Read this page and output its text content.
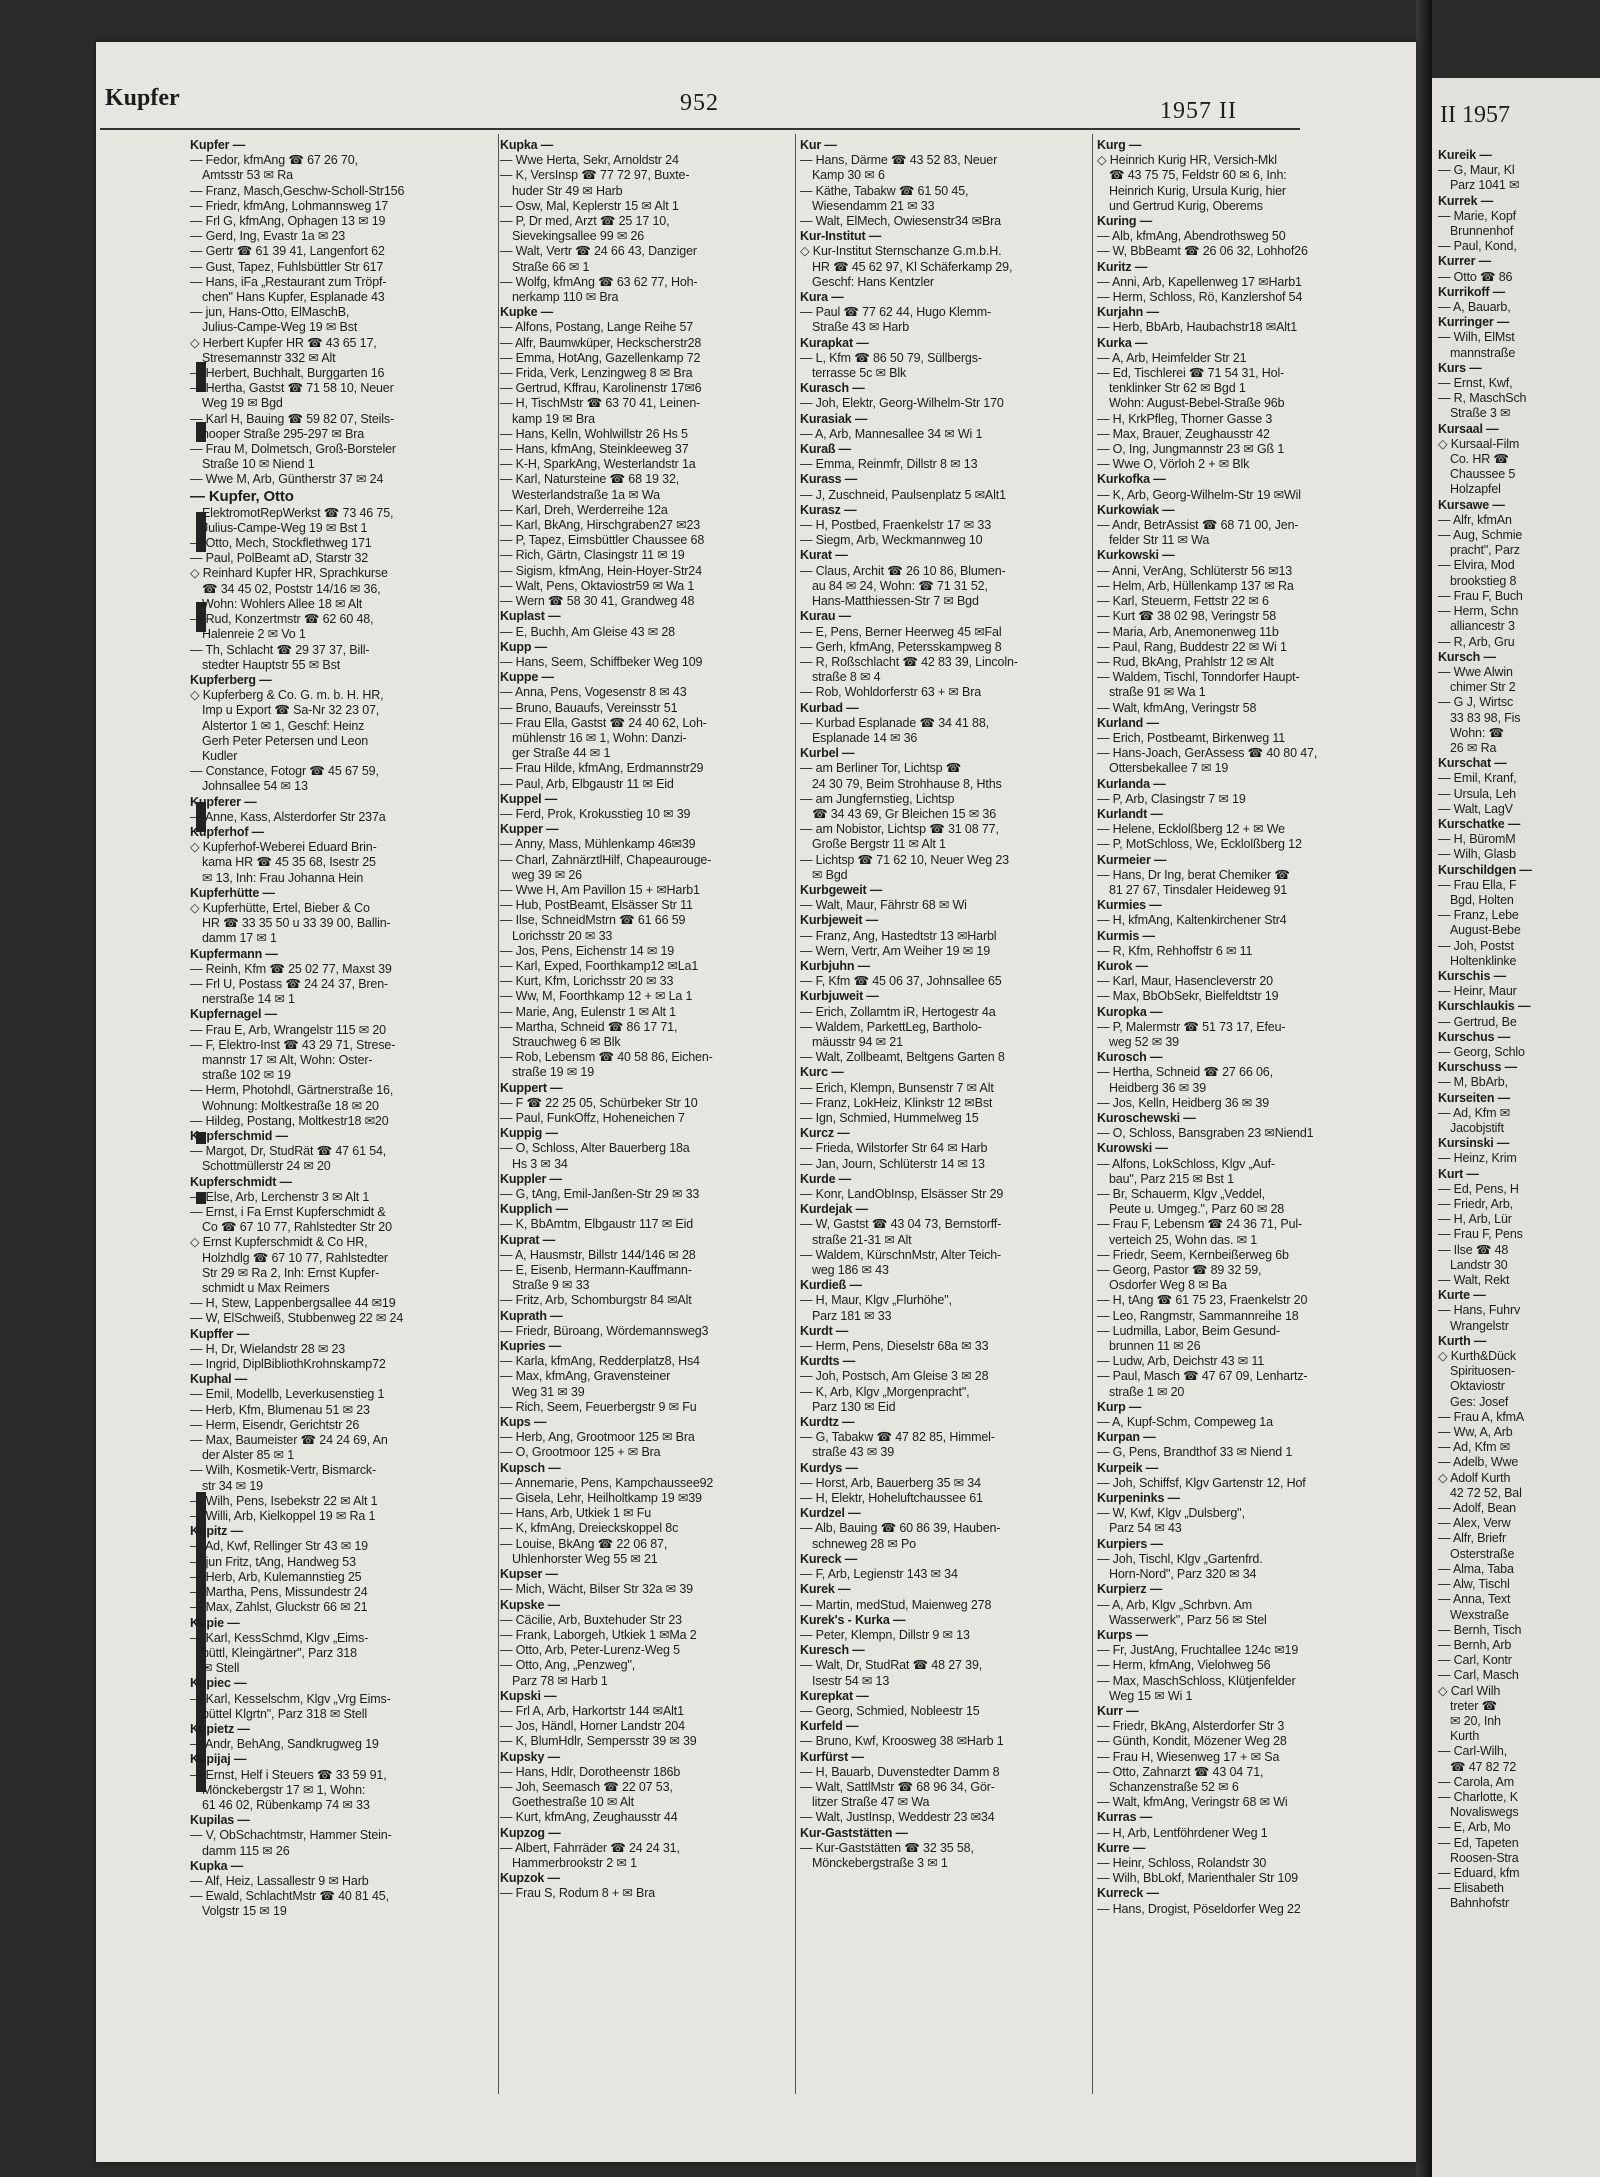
Kupfer	952	1957 II
Kupfer —
— Fedor, kfmAng ☎ 67 26 70,
Amtsstr 53 ✉ Ra
— Franz, Masch,Geschw-Scholl-Str156
— Friedr, kfmAng, Lohmannsweg 17
— Frl G, kfmAng, Ophagen 13 ✉ 19
— Gerd, Ing, Evastr 1a ✉ 23
— Gertr ☎ 61 39 41, Langenfort 62
— Gust, Tapez, Fuhlsbüttler Str 617
— Hans, iFa „Restaurant zum Tröpf-
chen" Hans Kupfer, Esplanade 43
— jun, Hans-Otto, ElMaschB,
Julius-Campe-Weg 19 ✉ Bst
◇ Herbert Kupfer HR ☎ 43 65 17,
Stresemannstr 332 ✉ Alt
— Herbert, Buchhalt, Burggarten 16
— Hertha, Gastst ☎ 71 58 10, Neuer
Weg 19 ✉ Bgd
— Karl H, Bauing ☎ 59 82 07, Steils-
hooper Straße 295-297 ✉ Bra
— Frau M, Dolmetsch, Groß-Borsteler
Straße 10 ✉ Niend 1
— Wwe M, Arb, Güntherstr 37 ✉ 24
— Kupfer, Otto
ElektromotRepWerkst ☎ 73 46 75,
Julius-Campe-Weg 19 ✉ Bst 1
— Otto, Mech, Stockflethweg 171
— Paul, PolBeamt aD, Starstr 32
◇ Reinhard Kupfer HR, Sprachkurse
☎ 34 45 02, Poststr 14/16 ✉ 36,
Wohn: Wohlers Allee 18 ✉ Alt
— Rud, Konzertmstr ☎ 62 60 48,
Halenreie 2 ✉ Vo 1
— Th, Schlacht ☎ 29 37 37, Bill-
stedter Hauptstr 55 ✉ Bst
Kupferberg —
◇ Kupferberg & Co. G. m. b. H. HR,
Imp u Export ☎ Sa-Nr 32 23 07,
Alstertor 1 ✉ 1, Geschf: Heinz
Gerh Peter Petersen und Leon
Kudler
— Constance, Fotogr ☎ 45 67 59,
Johnsallee 54 ✉ 13
Kupferer —
— Anne, Kass, Alsterdorfer Str 237a
Kupferhof —
◇ Kupferhof-Weberei Eduard Brin-
kama HR ☎ 45 35 68, Isestr 25
✉ 13, Inh: Frau Johanna Hein
Kupferhütte —
◇ Kupferhütte, Ertel, Bieber & Co
HR ☎ 33 35 50 u 33 39 00, Ballin-
damm 17 ✉ 1
Kupfermann —
— Reinh, Kfm ☎ 25 02 77, Maxst 39
— Frl U, Postass ☎ 24 24 37, Bren-
nerstraße 14 ✉ 1
Kupfernagel —
— Frau E, Arb, Wrangelstr 115 ✉ 20
— F, Elektro-Inst ☎ 43 29 71, Strese-
mannstr 17 ✉ Alt, Wohn: Oster-
straße 102 ✉ 19
— Herm, Photohdl, Gärtnerstraße 16,
Wohnung: Moltkestraße 18 ✉ 20
— Hildeg, Postang, Moltkestr18 ✉20
Kupferschmid —
— Margot, Dr, StudRät ☎ 47 61 54,
Schottmüllerstr 24 ✉ 20
Kupferschmidt —
— Else, Arb, Lerchenstr 3 ✉ Alt 1
— Ernst, i Fa Ernst Kupferschmidt &
Co ☎ 67 10 77, Rahlstedter Str 20
◇ Ernst Kupferschmidt & Co HR,
Holzhdlg ☎ 67 10 77, Rahlstedter
Str 29 ✉ Ra 2, Inh: Ernst Kupfer-
schmidt u Max Reimers
— H, Stew, Lappenbergsallee 44 ✉19
— W, ElSchweiß, Stubbenweg 22 ✉ 24
Kupffer —
— H, Dr, Wielandstr 28 ✉ 23
— Ingrid, DiplBibliothKrohnskamp72
Kuphal —
— Emil, Modellb, Leverkusenstieg 1
— Herb, Kfm, Blumenau 51 ✉ 23
— Herm, Eisendr, Gerichtstr 26
— Max, Baumeister ☎ 24 24 69, An
der Alster 85 ✉ 1
— Wilh, Kosmetik-Vertr, Bismarck-
str 34 ✉ 19
— Wilh, Pens, Isebekstr 22 ✉ Alt 1
— Willi, Arb, Kielkoppel 19 ✉ Ra 1
Kupitz —
— Ad, Kwf, Rellinger Str 43 ✉ 19
— jun Fritz, tAng, Handweg 53
— Herb, Arb, Kulemannstieg 25
— Martha, Pens, Missundestr 24
— Max, Zahlst, Gluckstr 66 ✉ 21
Kupie —
— Karl, KessSchmd, Klgv „Eims-
büttl, Kleingärtner", Parz 318
✉ Stell
Kupiec —
— Karl, Kesselschm, Klgv „Vrg Eims-
büttel Klgrtn", Parz 318 ✉ Stell
Kupietz —
— Andr, BehAng, Sandkrugweg 19
Kupijaj —
— Ernst, Helf i Steuers ☎ 33 59 91,
Mönckebergstr 17 ✉ 1, Wohn:
61 46 02, Rübenkamp 74 ✉ 33
Kupilas —
— V, ObSchachtmstr, Hammer Stein-
damm 115 ✉ 26
Kupka —
— Alf, Heiz, Lassallestr 9 ✉ Harb
— Ewald, SchlachtMstr ☎ 40 81 45,
Volgstr 15 ✉ 19
Kupka —
— Wwe Herta, Sekr, Arnoldstr 24
— K, VersInsp ☎ 77 72 97, Buxte-
huder Str 49 ✉ Harb
— Osw, Mal, Keplerstr 15 ✉ Alt 1
— P, Dr med, Arzt ☎ 25 17 10,
Sievekingsallee 99 ✉ 26
— Walt, Vertr ☎ 24 66 43, Danziger
Straße 66 ✉ 1
— Wolfg, kfmAng ☎ 63 62 77, Hoh-
nerkamp 110 ✉ Bra
Kupke —
— Alfons, Postang, Lange Reihe 57
— Alfr, Baumwküper, Heckscherstr28
— Emma, HotAng, Gazellenkamp 72
— Frida, Verk, Lenzingweg 8 ✉ Bra
— Gertrud, Kffrau, Karolinenstr 17✉6
— H, TischMstr ☎ 63 70 41, Leinen-
kamp 19 ✉ Bra
— Hans, Kelln, Wohlwillstr 26 Hs 5
— Hans, kfmAng, Steinkleeweg 37
— K-H, SparkAng, Westerlandstr 1a
— Karl, Natursteine ☎ 68 19 32,
Westerlandstraße 1a ✉ Wa
— Karl, Dreh, Werderreihe 12a
— Karl, BkAng, Hirschgraben27 ✉23
— P, Tapez, Eimsbüttler Chaussee 68
— Rich, Gärtn, Clasingstr 11 ✉ 19
— Sigism, kfmAng, Hein-Hoyer-Str24
— Walt, Pens, Oktaviostr59 ✉ Wa 1
— Wern ☎ 58 30 41, Grandweg 48
Kuplast —
— E, Buchh, Am Gleise 43 ✉ 28
Kupp —
— Hans, Seem, Schiffbeker Weg 109
Kuppe —
— Anna, Pens, Vogesenstr 8 ✉ 43
— Bruno, Bauaufs, Vereinsstr 51
— Frau Ella, Gastst ☎ 24 40 62, Loh-
mühlenstr 16 ✉ 1, Wohn: Danzi-
ger Straße 44 ✉ 1
— Frau Hilde, kfmAng, Erdmannstr29
— Paul, Arb, Elbgaustr 11 ✉ Eid
Kuppel —
— Ferd, Prok, Krokusstieg 10 ✉ 39
Kupper —
— Anny, Mass, Mühlenkamp 46✉39
— Charl, ZahnärztlHilf, Chapeaurouge-
weg 39 ✉ 26
— Wwe H, Am Pavillon 15 + ✉Harb1
— Hub, PostBeamt, Elsässer Str 11
— Ilse, SchneidMstrn ☎ 61 66 59
Lorichsstr 20 ✉ 33
— Jos, Pens, Eichenstr 14 ✉ 19
— Karl, Exped, Foorthkamp12 ✉La1
— Kurt, Kfm, Lorichsstr 20 ✉ 33
— Ww, M, Foorthkamp 12 + ✉ La 1
— Marie, Ang, Eulenstr 1 ✉ Alt 1
— Martha, Schneid ☎ 86 17 71,
Strauchweg 6 ✉ Blk
— Rob, Lebensm ☎ 40 58 86, Eichen-
straße 19 ✉ 19
Kuppert —
— F ☎ 22 25 05, Schürbeker Str 10
— Paul, FunkOffz, Hoheneichen 7
Kuppig —
— O, Schloss, Alter Bauerberg 18a
Hs 3 ✉ 34
Kuppler —
— G, tAng, Emil-Janßen-Str 29 ✉ 33
Kupplich —
— K, BbAmtm, Elbgaustr 117 ✉ Eid
Kuprat —
— A, Hausmstr, Billstr 144/146 ✉ 28
— E, Eisenb, Hermann-Kauffmann-
Straße 9 ✉ 33
— Fritz, Arb, Schomburgstr 84 ✉Alt
Kuprath —
— Friedr, Büroang, Wördemannsweg3
Kupries —
— Karla, kfmAng, Redderplatz8, Hs4
— Max, kfmAng, Gravensteiner
Weg 31 ✉ 39
— Rich, Seem, Feuerbergstr 9 ✉ Fu
Kups —
— Herb, Ang, Grootmoor 125 ✉ Bra
— O, Grootmoor 125 + ✉ Bra
Kupsch —
— Annemarie, Pens, Kampchaussee92
— Gisela, Lehr, Heilholtkamp 19 ✉39
— Hans, Arb, Utkiek 1 ✉ Fu
— K, kfmAng, Dreieckskoppel 8c
— Louise, BkAng ☎ 22 06 87,
Uhlenhorster Weg 55 ✉ 21
Kupser —
— Mich, Wächt, Bilser Str 32a ✉ 39
Kupske —
— Cäcilie, Arb, Buxtehuder Str 23
— Frank, Laborgeh, Utkiek 1 ✉Ma 2
— Otto, Arb, Peter-Lurenz-Weg 5
— Otto, Ang, „Penzweg",
Parz 78 ✉ Harb 1
Kupski —
— Frl A, Arb, Harkortstr 144 ✉Alt1
— Jos, Händl, Horner Landstr 204
— K, BlumHdlr, Sempersstr 39 ✉ 39
Kupsky —
— Hans, Hdlr, Dorotheenstr 186b
— Joh, Seemasch ☎ 22 07 53,
Goethestraße 10 ✉ Alt
— Kurt, kfmAng, Zeughausstr 44
Kupzog —
— Albert, Fahrräder ☎ 24 24 31,
Hammerbrookstr 2 ✉ 1
Kupzok —
— Frau S, Rodum 8 + ✉ Bra
Kur —
— Hans, Därme ☎ 43 52 83, Neuer
Kamp 30 ✉ 6
— Käthe, Tabakw ☎ 61 50 45,
Wiesendamm 21 ✉ 33
— Walt, ElMech, Owiesenstr34 ✉Bra
Kur-Institut —
◇ Kur-Institut Sternschanze G.m.b.H.
HR ☎ 45 62 97, Kl Schäferkamp 29,
Geschf: Hans Kentzler
Kura —
— Paul ☎ 77 62 44, Hugo Klemm-
Straße 43 ✉ Harb
Kurapkat —
— L, Kfm ☎ 86 50 79, Süllbergs-
terrasse 5c ✉ Blk
Kurasch —
— Joh, Elektr, Georg-Wilhelm-Str 170
Kurasiak —
— A, Arb, Mannesallee 34 ✉ Wi 1
Kuraß —
— Emma, Reinmfr, Dillstr 8 ✉ 13
Kurass —
— J, Zuschneid, Paulsenplatz 5 ✉Alt1
Kurasz —
— H, Postbed, Fraenkelstr 17 ✉ 33
— Siegm, Arb, Weckmannweg 10
Kurat —
— Claus, Archit ☎ 26 10 86, Blumen-
au 84 ✉ 24, Wohn: ☎ 71 31 52,
Hans-Matthiessen-Str 7 ✉ Bgd
Kurau —
— E, Pens, Berner Heerweg 45 ✉Fal
— Gerh, kfmAng, Petersskampweg 8
— R, Roßschlacht ☎ 42 83 39, Lincoln-
straße 8 ✉ 4
— Rob, Wohldorferstr 63 + ✉ Bra
Kurbad —
— Kurbad Esplanade ☎ 34 41 88,
Esplanade 14 ✉ 36
Kurbel —
— am Berliner Tor, Lichtsp ☎
24 30 79, Beim Strohhause 8, Hths
— am Jungfernstieg, Lichtsp
☎ 34 43 69, Gr Bleichen 15 ✉ 36
— am Nobistor, Lichtsp ☎ 31 08 77,
Große Bergstr 11 ✉ Alt 1
— Lichtsp ☎ 71 62 10, Neuer Weg 23
✉ Bgd
Kurbgeweit —
— Walt, Maur, Fährstr 68 ✉ Wi
Kurbjeweit —
— Franz, Ang, Hastedtstr 13 ✉Harbl
— Wern, Vertr, Am Weiher 19 ✉ 19
Kurbjuhn —
— F, Kfm ☎ 45 06 37, Johnsallee 65
Kurbjuweit —
— Erich, Zollamtm iR, Hertogestr 4a
— Waldem, ParkettLeg, Bartholo-
mäusstr 94 ✉ 21
— Walt, Zollbeamt, Beltgens Garten 8
Kurc —
— Erich, Klempn, Bunsenstr 7 ✉ Alt
— Franz, LokHeiz, Klinkstr 12 ✉Bst
— Ign, Schmied, Hummelweg 15
Kurcz —
— Frieda, Wilstorfer Str 64 ✉ Harb
— Jan, Journ, Schlüterstr 14 ✉ 13
Kurde —
— Konr, LandObInsp, Elsässer Str 29
Kurdejak —
— W, Gastst ☎ 43 04 73, Bernstorff-
straße 21-31 ✉ Alt
— Waldem, KürschnMstr, Alter Teich-
weg 186 ✉ 43
Kurdieß —
— H, Maur, Klgv „Flurhöhe",
Parz 181 ✉ 33
Kurdt —
— Herm, Pens, Dieselstr 68a ✉ 33
Kurdts —
— Joh, Postsch, Am Gleise 3 ✉ 28
— K, Arb, Klgv „Morgenpracht",
Parz 130 ✉ Eid
Kurdtz —
— G, Tabakw ☎ 47 82 85, Himmel-
straße 43 ✉ 39
Kurdys —
— Horst, Arb, Bauerberg 35 ✉ 34
— H, Elektr, Hoheluftchaussee 61
Kurdzel —
— Alb, Bauing ☎ 60 86 39, Hauben-
schneweg 28 ✉ Po
Kureck —
— F, Arb, Legienstr 143 ✉ 34
Kurek —
— Martin, medStud, Maienweg 278
Kurek's - Kurka —
— Peter, Klempn, Dillstr 9 ✉ 13
Kuresch —
— Walt, Dr, StudRat ☎ 48 27 39,
Isestr 54 ✉ 13
Kurepkat —
— Georg, Schmied, Nobleestr 15
Kurfeld —
— Bruno, Kwf, Kroosweg 38 ✉Harb 1
Kurfürst —
— H, Bauarb, Duvenstedter Damm 8
— Walt, SattlMstr ☎ 68 96 34, Gör-
litzer Straße 47 ✉ Wa
— Walt, JustInsp, Weddestr 23 ✉34
Kur-Gaststätten —
— Kur-Gaststätten ☎ 32 35 58,
Mönckebergstraße 3 ✉ 1
Kurg —
◇ Heinrich Kurig HR, Versich-Mkl
☎ 43 75 75, Feldstr 60 ✉ 6, Inh:
Heinrich Kurig, Ursula Kurig, hier
und Gertrud Kurig, Oberems
Kuring —
— Alb, kfmAng, Abendrothsweg 50
— W, BbBeamt ☎ 26 06 32, Lohhof26
Kuritz —
— Anni, Arb, Kapellenweg 17 ✉Harb1
— Herm, Schloss, Rö, Kanzlershof 54
Kurjahn —
— Herb, BbArb, Haubachstr18 ✉Alt1
Kurka —
— A, Arb, Heimfelder Str 21
— Ed, Tischlerei ☎ 71 54 31, Hol-
tenklinker Str 62 ✉ Bgd 1
Wohn: August-Bebel-Straße 96b
— H, KrkPfleg, Thorner Gasse 3
— Max, Brauer, Zeughausstr 42
— O, Ing, Jungmannstr 23 ✉ Gß 1
— Wwe O, Vörloh 2 + ✉ Blk
Kurkofka —
— K, Arb, Georg-Wilhelm-Str 19 ✉Wil
Kurkowiak —
— Andr, BetrAssist ☎ 68 71 00, Jen-
felder Str 11 ✉ Wa
Kurkowski —
— Anni, VerAng, Schlüterstr 56 ✉13
— Helm, Arb, Hüllenkamp 137 ✉ Ra
— Karl, Steuerm, Fettstr 22 ✉ 6
— Kurt ☎ 38 02 98, Veringstr 58
— Maria, Arb, Anemonenweg 11b
— Paul, Rang, Buddestr 22 ✉ Wi 1
— Rud, BkAng, Prahlstr 12 ✉ Alt
— Waldem, Tischl, Tonndorfer Haupt-
straße 91 ✉ Wa 1
— Walt, kfmAng, Veringstr 58
Kurland —
— Erich, Postbeamt, Birkenweg 11
— Hans-Joach, GerAssess ☎ 40 80 47,
Ottersbekallee 7 ✉ 19
Kurlanda —
— P, Arb, Clasingstr 7 ✉ 19
Kurlandt —
— Helene, Ecklolßberg 12 + ✉ We
— P, MotSchloss, We, Ecklolßberg 12
Kurmeier —
— Hans, Dr Ing, berat Chemiker ☎
81 27 67, Tinsdaler Heideweg 91
Kurmies —
— H, kfmAng, Kaltenkirchener Str4
Kurmis —
— R, Kfm, Rehhoffstr 6 ✉ 11
Kurok —
— Karl, Maur, Hasencleverstr 20
— Max, BbObSekr, Bielfeldtstr 19
Kuropka —
— P, Malermstr ☎ 51 73 17, Efeu-
weg 52 ✉ 39
Kurosch —
— Hertha, Schneid ☎ 27 66 06,
Heidberg 36 ✉ 39
— Jos, Kelln, Heidberg 36 ✉ 39
Kuroschewski —
— O, Schloss, Bansgraben 23 ✉Niend1
Kurowski —
— Alfons, LokSchloss, Klgv „Auf-
bau", Parz 215 ✉ Bst 1
— Br, Schauerm, Klgv „Veddel,
Peute u. Umgeg.", Parz 60 ✉ 28
— Frau F, Lebensm ☎ 24 36 71, Pul-
verteich 25, Wohn das. ✉ 1
— Friedr, Seem, Kernbeißerweg 6b
— Georg, Pastor ☎ 89 32 59,
Osdorfer Weg 8 ✉ Ba
— H, tAng ☎ 61 75 23, Fraenkelstr 20
— Leo, Rangmstr, Sammannreihe 18
— Ludmilla, Labor, Beim Gesund-
brunnen 11 ✉ 26
— Ludw, Arb, Deichstr 43 ✉ 11
— Paul, Masch ☎ 47 67 09, Lenhartz-
straße 1 ✉ 20
Kurp —
— A, Kupf-Schm, Compeweg 1a
Kurpan —
— G, Pens, Brandthof 33 ✉ Niend 1
Kurpeik —
— Joh, Schiffsf, Klgv Gartenstr 12, Hof
Kurpeninks —
— W, Kwf, Klgv „Dulsberg",
Parz 54 ✉ 43
Kurpiers —
— Joh, Tischl, Klgv „Gartenfrd.
Horn-Nord", Parz 320 ✉ 34
Kurpierz —
— A, Arb, Klgv „Schrbvn. Am
Wasserwerk", Parz 56 ✉ Stel
Kurps —
— Fr, JustAng, Fruchtallee 124c ✉19
— Herm, kfmAng, Vielohweg 56
— Max, MaschSchloss, Klütjenfelder
Weg 15 ✉ Wi 1
Kurr —
— Friedr, BkAng, Alsterdorfer Str 3
— Günth, Kondit, Mözener Weg 28
— Frau H, Wiesenweg 17 + ✉ Sa
— Otto, Zahnarzt ☎ 43 04 71,
Schanzenstraße 52 ✉ 6
— Walt, kfmAng, Veringstr 68 ✉ Wi
Kurras —
— H, Arb, Lentföhrdener Weg 1
Kurre —
— Heinr, Schloss, Rolandstr 30
— Wilh, BbLokf, Marienthaler Str 109
Kurreck —
— Hans, Drogist, Pöseldorfer Weg 22
II 1957
Kureik —
— G, Maur, Kl
Parz 1041 ✉
Kurrek —
— Marie, Kopf
Brunnenhof
— Paul, Kond,
Kurrer —
— Otto ☎ 86
Kurrikoff —
— A, Bauarb,
Kurringer —
— Wilh, ElMst
mannstraße
Kurs —
— Ernst, Kwf,
— R, MaschSch
Straße 3 ✉
Kursaal —
◇ Kursaal-Film
Co. HR ☎
Chaussee 5
Holzapfel
Kursawe —
— Alfr, kfmAn
— Aug, Schmie
pracht", Parz
— Elvira, Mod
brookstieg 8
— Frau F, Buch
— Herm, Schn
alliancestr 3
— R, Arb, Gru
Kursch —
— Wwe Alwin
chimer Str 2
— G J, Wirtsc
33 83 98, Fis
Wohn: ☎
26 ✉ Ra
Kurschat —
— Emil, Kranf,
— Ursula, Leh
— Walt, LagV
Kurschatke —
— H, BüromM
— Wilh, Glasb
Kurschildgen —
— Frau Ella, F
Bgd, Holten
— Franz, Lebe
August-Bebe
— Joh, Postst
Holtenklinke
Kurschis —
— Heinr, Maur
Kurschlaukis —
— Gertrud, Be
Kurschus —
— Georg, Schlo
Kurschuss —
— M, BbArb,
Kurseiten —
— Ad, Kfm ✉
Jacobjstift
Kursinski —
— Heinz, Krim
Kurt —
— Ed, Pens, H
— Friedr, Arb,
— H, Arb, Lür
— Frau F, Pens
— Ilse ☎ 48
Landstr 30
— Walt, Rekt
Kurte —
— Hans, Fuhrv
Wrangelstr
Kurth —
◇ Kurth&Dück
Spirituosen-
Oktaviostr
Ges: Josef
— Frau A, kfmA
— Ww, A, Arb
— Ad, Kfm ✉
— Adelb, Wwe
◇ Adolf Kurth
42 72 52, Bal
— Adolf, Bean
— Alex, Verw
— Alfr, Briefr
Osterstraße
— Alma, Taba
— Alw, Tischl
— Anna, Text
Wexstraße
— Bernh, Tisch
— Bernh, Arb
— Carl, Kontr
— Carl, Masch
◇ Carl Wilh
treter ☎
✉ 20, Inh
Kurth
— Carl-Wilh,
☎ 47 82 72
— Carola, Am
— Charlotte, K
Novaliswegs
— E, Arb, Mo
— Ed, Tapeten
Roosen-Stra
— Eduard, kfm
— Elisabeth
Bahnhofstr
